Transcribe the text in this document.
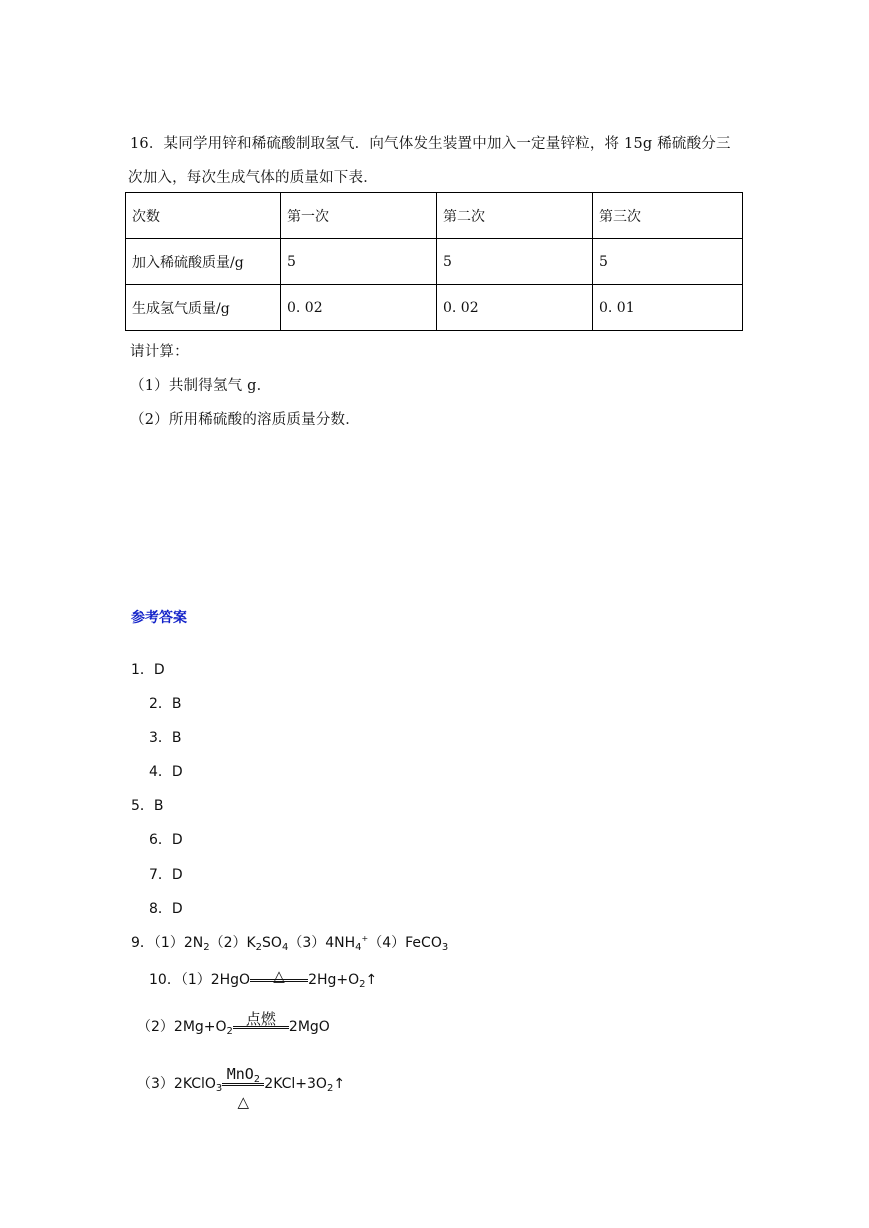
16．某同学用锌和稀硫酸制取氢气．向气体发生装置中加入一定量锌粒，将 15g 稀硫酸分三
次加入，每次生成气体的质量如下表．
次数	第一次	第二次	第三次
加入稀硫酸质量/g	5	5	5
生成氢气质量/g	0. 02	0. 02	0. 01
请计算：
（1）共制得氢气 g．
（2）所用稀硫酸的溶质质量分数．
参考答案
1．D
2．B
3．B
4．D
5．B
6．D
7．D
8．D
9．$(1)2N_2(2)K_2SO_4(3)4NH_4^+(4)FeCO_3$
10．（1）2HgO	△	$2Hg+O_2↑$
$(2)2Mg+O_2$
点燃 2MgO
（3）2KClO$_3$
MnO$_2$
△
$2KCl+3O_2↑$
